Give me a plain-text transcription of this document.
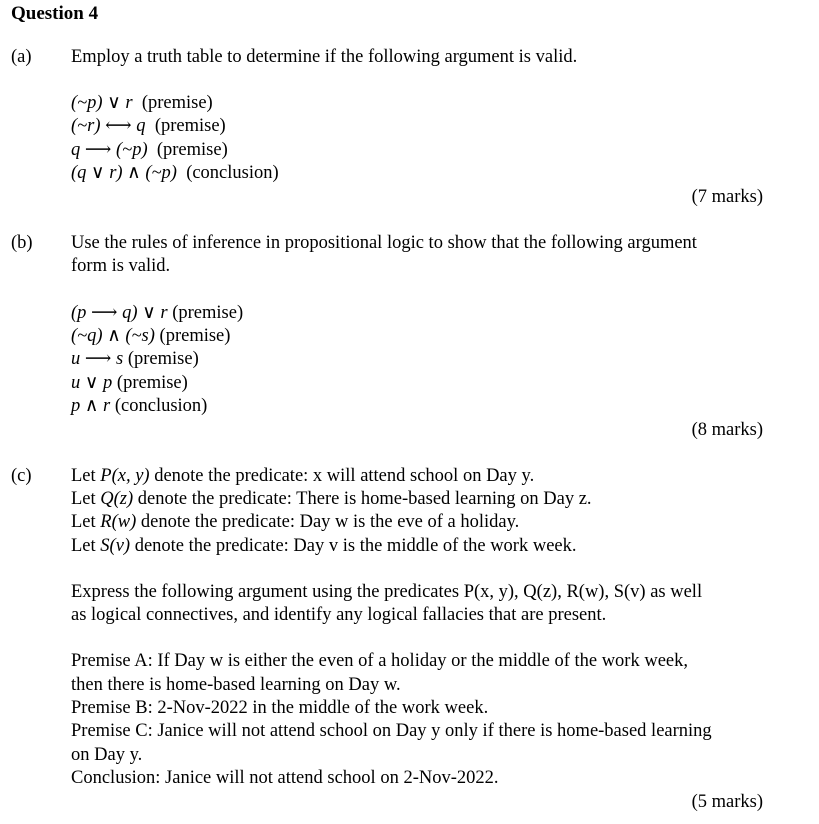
Question 4
(a) Employ a truth table to determine if the following argument is valid.
(~p) ∨ r (premise)
(~r) ⟷ q (premise)
q ⟶ (~p) (premise)
(q ∨ r) ∧ (~p) (conclusion)
(7 marks)
(b) Use the rules of inference in propositional logic to show that the following argument
form is valid.
(p ⟶ q) ∨ r (premise)
(~q) ∧ (~s) (premise)
u ⟶ s (premise)
u ∨ p (premise)
p ∧ r (conclusion)
(8 marks)
(c) Let P(x, y) denote the predicate: x will attend school on Day y.
Let Q(z) denote the predicate: There is home-based learning on Day z.
Let R(w) denote the predicate: Day w is the eve of a holiday.
Let S(v) denote the predicate: Day v is the middle of the work week.
Express the following argument using the predicates P(x, y), Q(z), R(w), S(v) as well
as logical connectives, and identify any logical fallacies that are present.
Premise A: If Day w is either the even of a holiday or the middle of the work week,
then there is home-based learning on Day w.
Premise B: 2-Nov-2022 in the middle of the work week.
Premise C: Janice will not attend school on Day y only if there is home-based learning
on Day y.
Conclusion: Janice will not attend school on 2-Nov-2022.
(5 marks)
